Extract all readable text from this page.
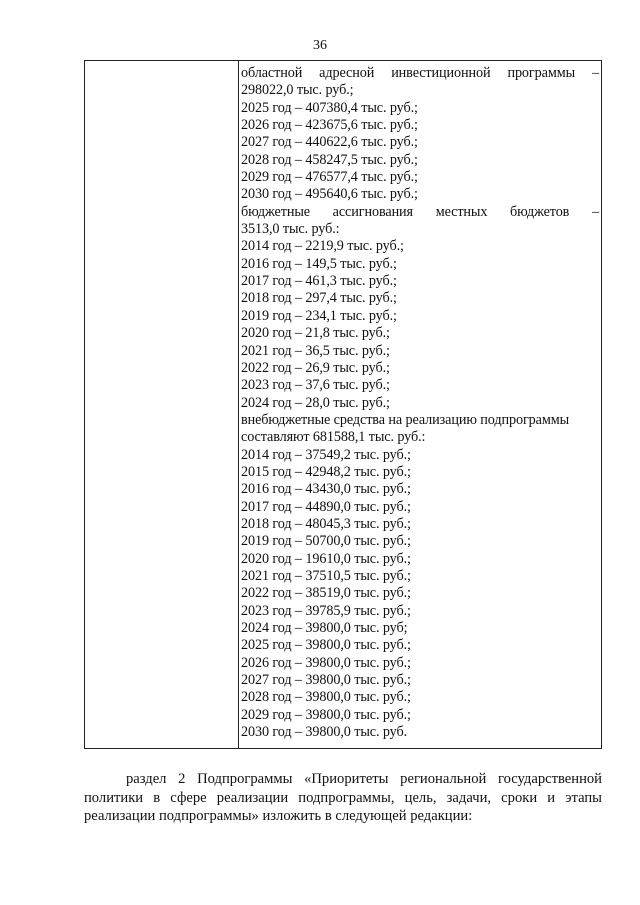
36
областной адресной инвестиционной программы –
298022,0 тыс. руб.;
2025 год – 407380,4 тыс. руб.;
2026 год – 423675,6 тыс. руб.;
2027 год – 440622,6 тыс. руб.;
2028 год – 458247,5 тыс. руб.;
2029 год – 476577,4 тыс. руб.;
2030 год – 495640,6 тыс. руб.;
бюджетные ассигнования местных бюджетов –
3513,0 тыс. руб.:
2014 год – 2219,9 тыс. руб.;
2016 год – 149,5 тыс. руб.;
2017 год – 461,3 тыс. руб.;
2018 год – 297,4 тыс. руб.;
2019 год – 234,1 тыс. руб.;
2020 год – 21,8 тыс. руб.;
2021 год – 36,5 тыс. руб.;
2022 год – 26,9 тыс. руб.;
2023 год – 37,6 тыс. руб.;
2024 год – 28,0 тыс. руб.;
внебюджетные средства на реализацию подпрограммы
составляют 681588,1 тыс. руб.:
2014 год – 37549,2 тыс. руб.;
2015 год – 42948,2 тыс. руб.;
2016 год – 43430,0 тыс. руб.;
2017 год – 44890,0 тыс. руб.;
2018 год – 48045,3 тыс. руб.;
2019 год – 50700,0 тыс. руб.;
2020 год – 19610,0 тыс. руб.;
2021 год – 37510,5 тыс. руб.;
2022 год – 38519,0 тыс. руб.;
2023 год – 39785,9 тыс. руб.;
2024 год – 39800,0 тыс. руб;
2025 год – 39800,0 тыс. руб.;
2026 год – 39800,0 тыс. руб.;
2027 год – 39800,0 тыс. руб.;
2028 год – 39800,0 тыс. руб.;
2029 год – 39800,0 тыс. руб.;
2030 год – 39800,0 тыс. руб.
раздел 2 Подпрограммы «Приоритеты региональной государственной
политики в сфере реализации подпрограммы, цель, задачи, сроки и этапы
реализации подпрограммы» изложить в следующей редакции:
